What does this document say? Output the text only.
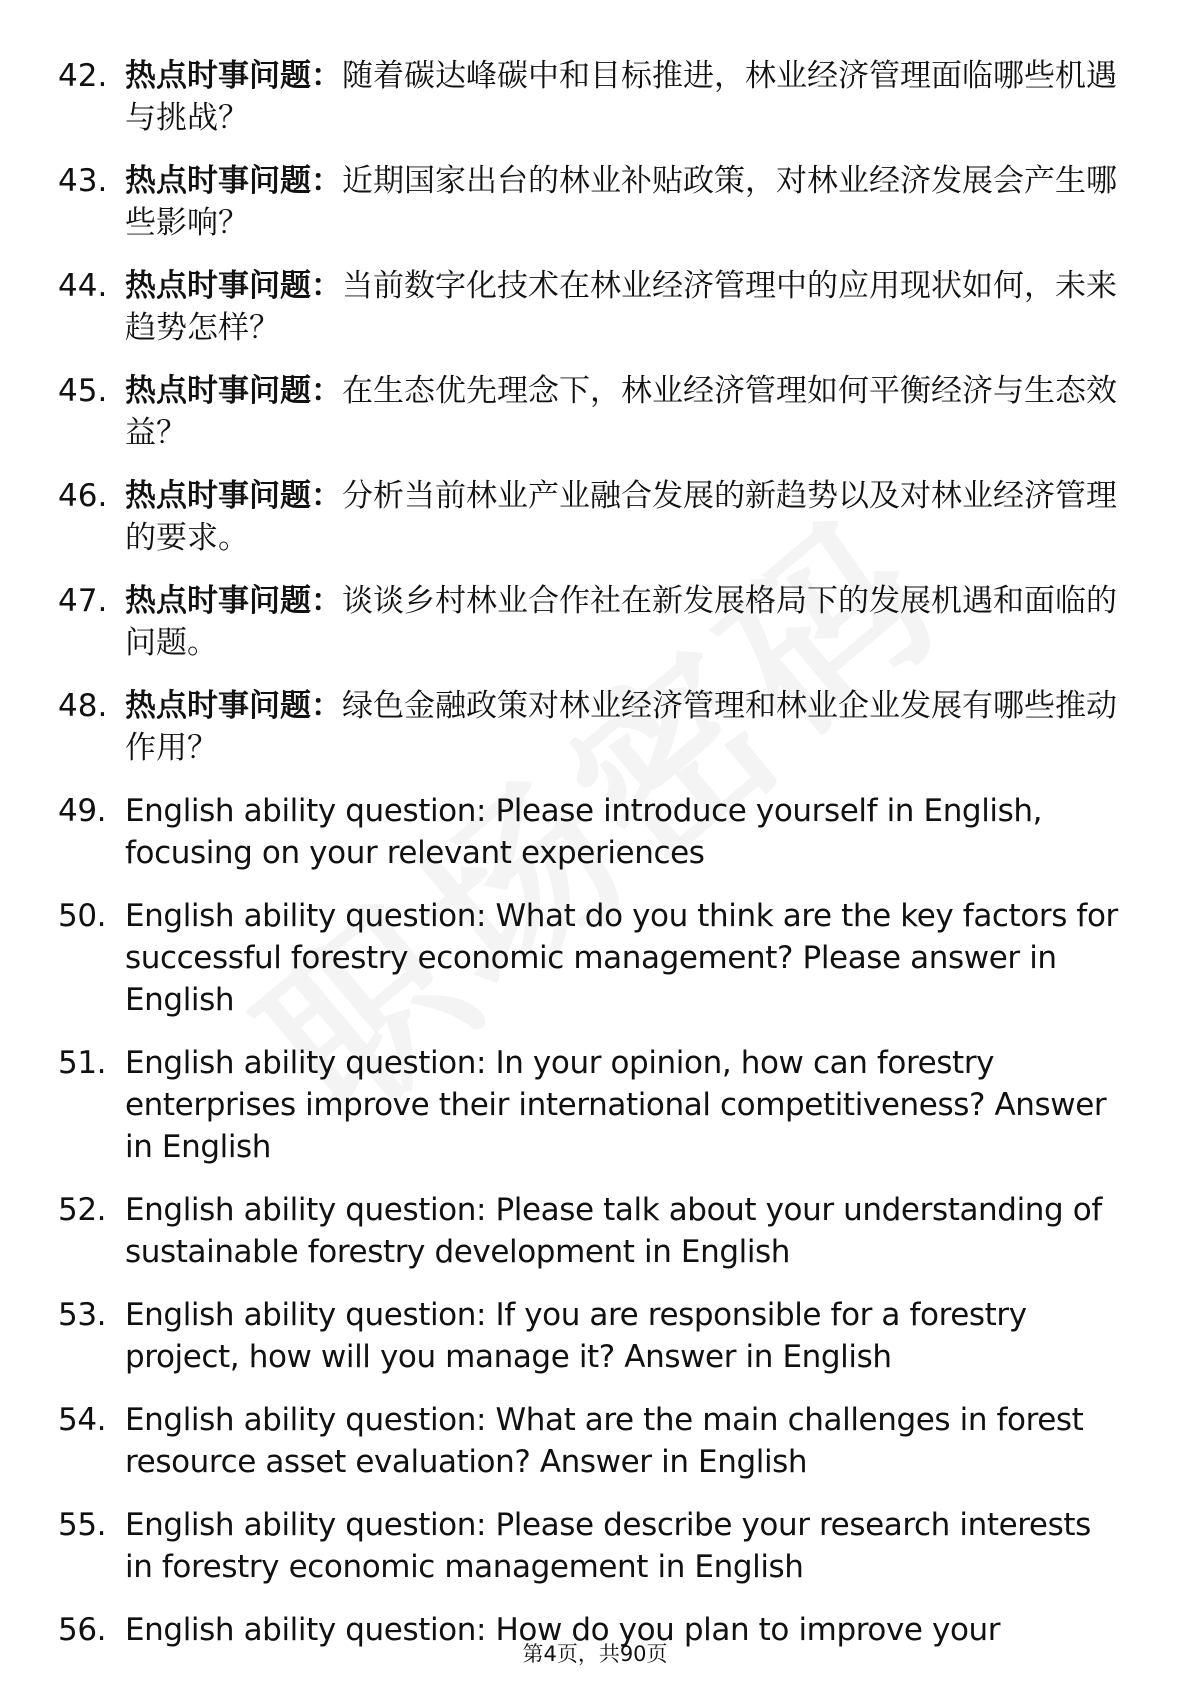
42. 热点时事问题：随着碳达峰碳中和目标推进，林业经济管理面临哪些机遇与挑战？
43. 热点时事问题：近期国家出台的林业补贴政策，对林业经济发展会产生哪些影响？
44. 热点时事问题：当前数字化技术在林业经济管理中的应用现状如何，未来趋势怎样？
45. 热点时事问题：在生态优先理念下，林业经济管理如何平衡经济与生态效益？
46. 热点时事问题：分析当前林业产业融合发展的新趋势以及对林业经济管理的要求。
47. 热点时事问题：谈谈乡村林业合作社在新发展格局下的发展机遇和面临的问题。
48. 热点时事问题：绿色金融政策对林业经济管理和林业企业发展有哪些推动作用？
49. English ability question: Please introduce yourself in English, focusing on your relevant experiences
50. English ability question: What do you think are the key factors for successful forestry economic management? Please answer in English
51. English ability question: In your opinion, how can forestry enterprises improve their international competitiveness? Answer in English
52. English ability question: Please talk about your understanding of sustainable forestry development in English
53. English ability question: If you are responsible for a forestry project, how will you manage it? Answer in English
54. English ability question: What are the main challenges in forest resource asset evaluation? Answer in English
55. English ability question: Please describe your research interests in forestry economic management in English
56. English ability question: How do you plan to improve your
第4页，共90页
